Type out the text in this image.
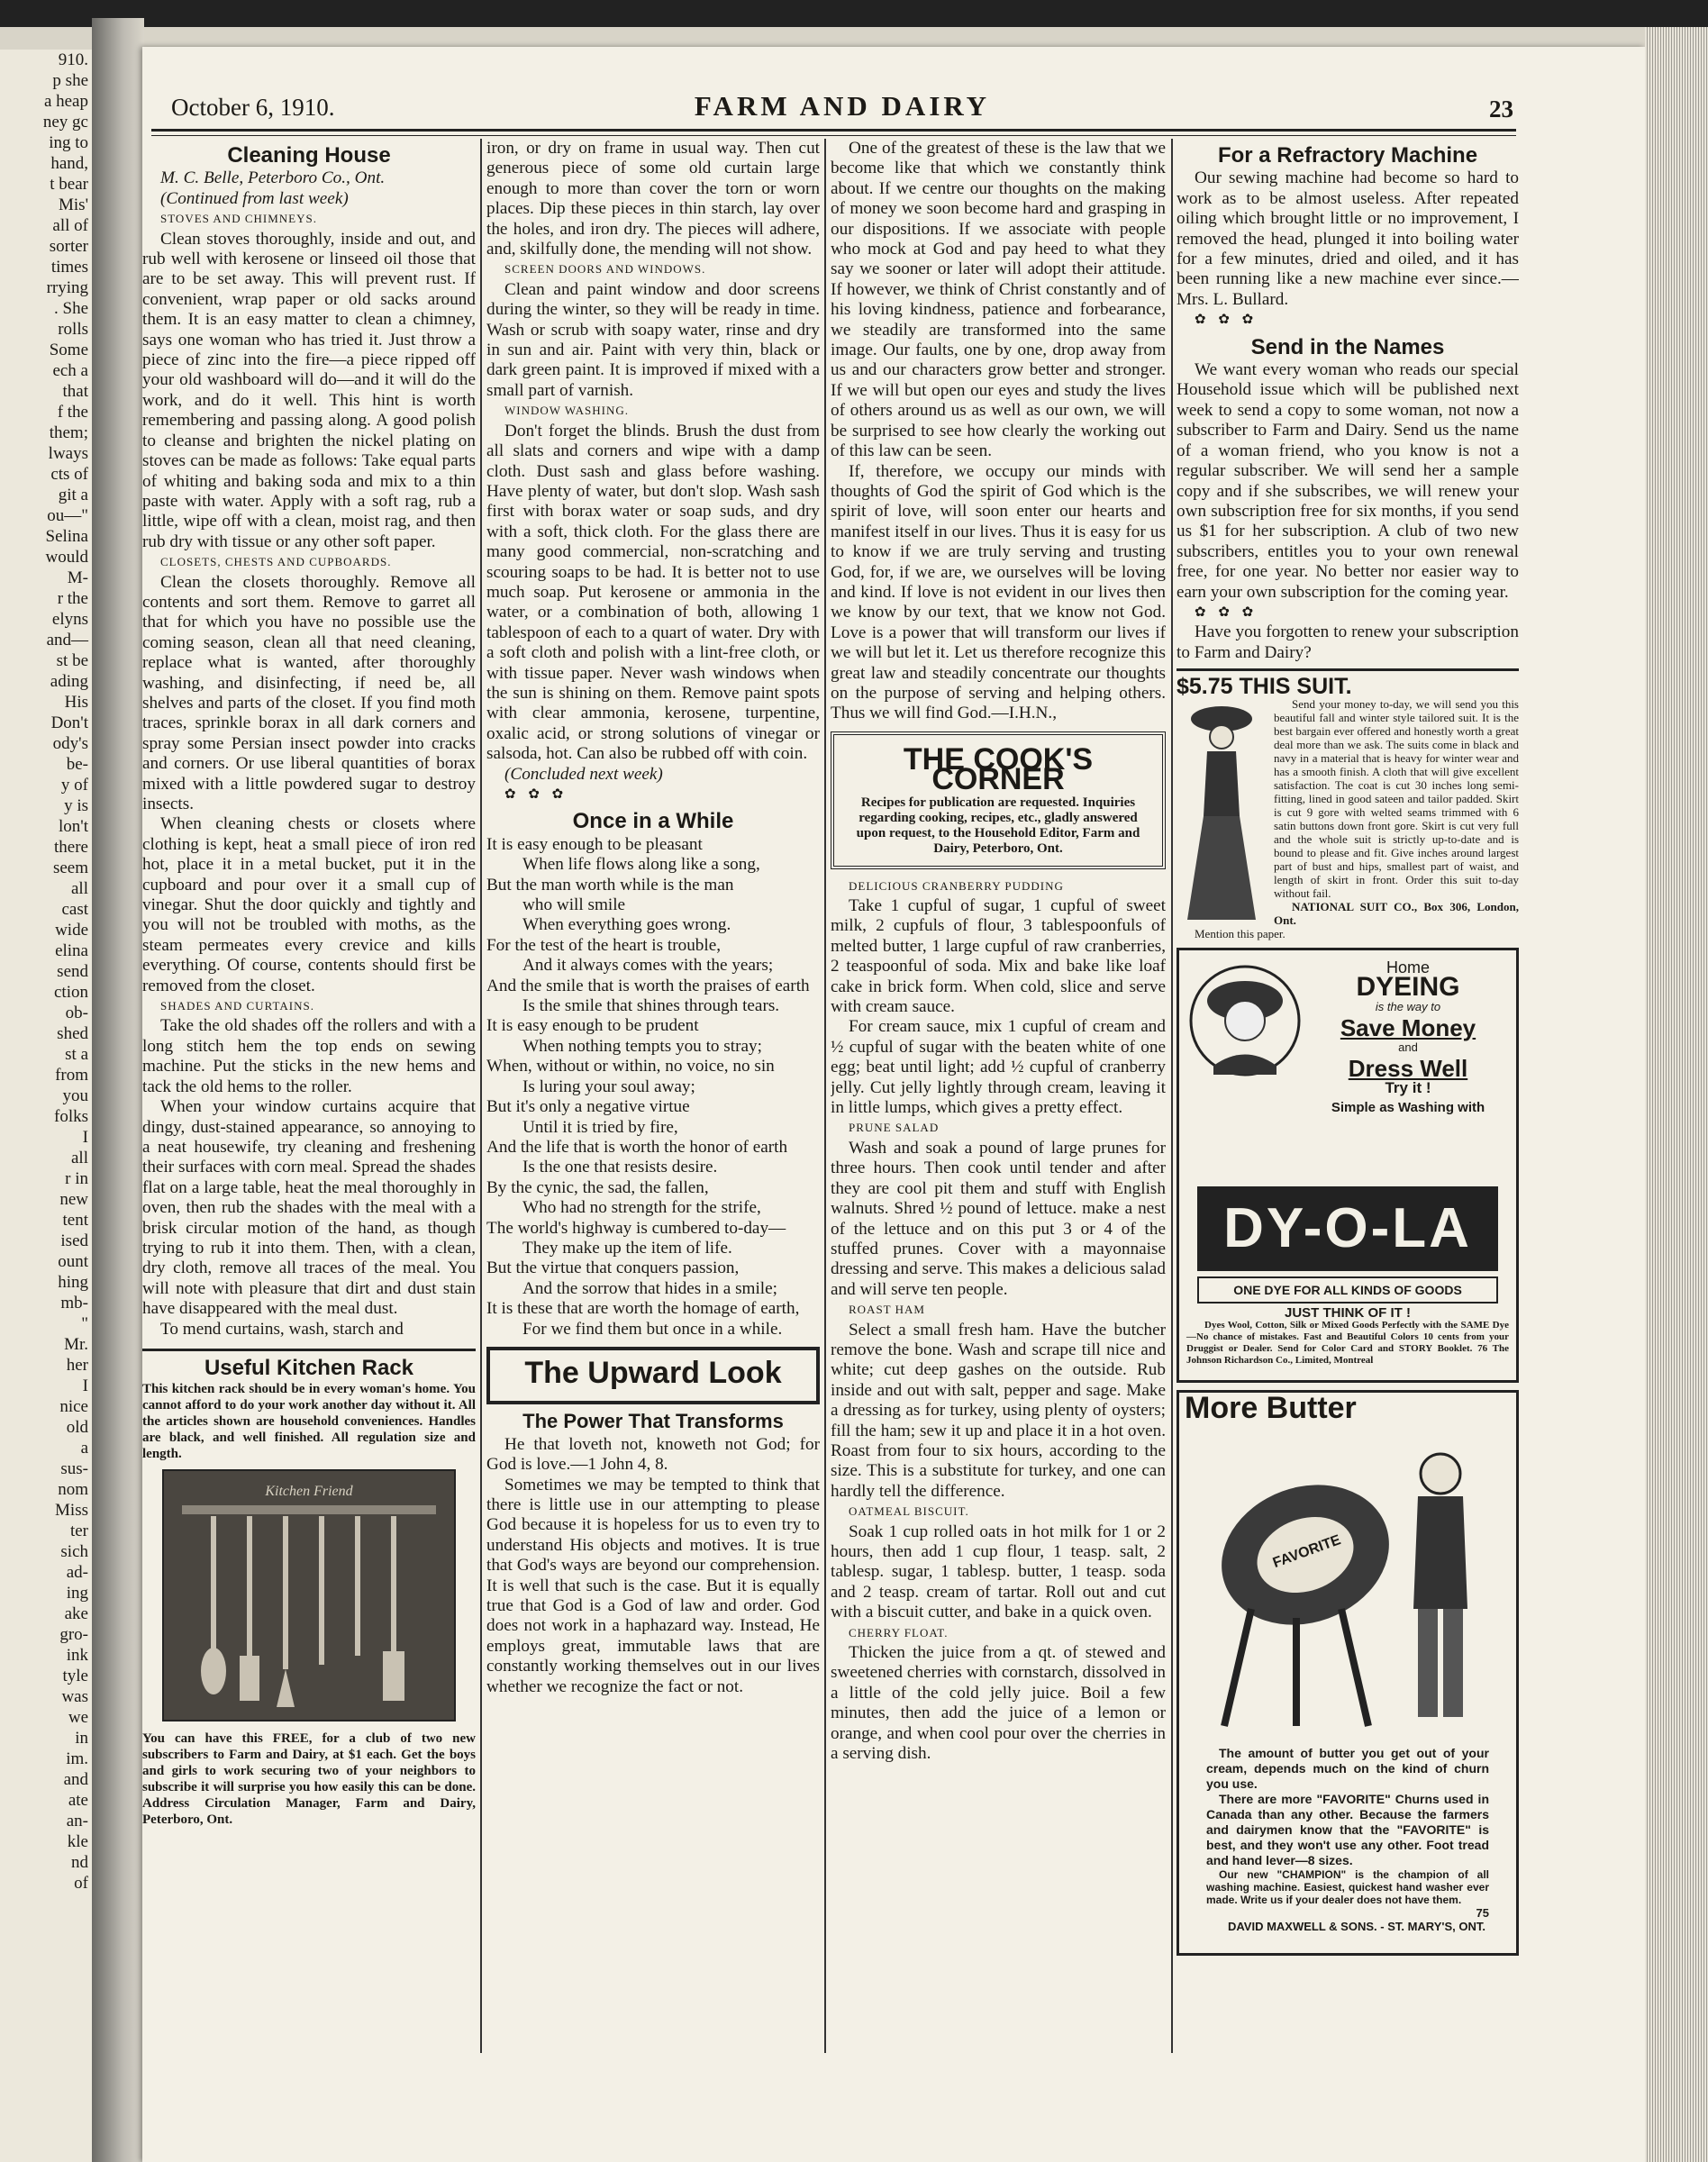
910.

p she

a heap

ney gc

ing to

hand,

t bear

Mis'

all of

sorter

times

rrying

. She

rolls

Some

ech a

that

f the

them;

lways

cts of

git a

ou—"

Selina

would

M-

r the

elyns

and—

st be

ading

His

Don't

ody's

be-

y of

y is

lon't

there

seem

all

cast

wide

elina

send

ction

ob-

shed

st a

from

you

folks

I

all

r in

new

tent

ised

ount

hing

mb-

"

Mr.

her

I

nice

old

a

sus-

nom

Miss

ter

sich

ad-

ing

ake

gro-

ink

tyle

was

we

in

im.

and

ate

an-

kle

nd

of

October 6, 1910.	FARM AND DAIRY	23
Cleaning House

M. C. Belle, Peterboro Co., Ont.

(Continued from last week)

STOVES AND CHIMNEYS.

Clean stoves thoroughly, inside and out, and rub well with kerosene or linseed oil those that are to be set away. This will prevent rust. If convenient, wrap paper or old sacks around them. It is an easy matter to clean a chimney, says one woman who has tried it. Just throw a piece of zinc into the fire—a piece ripped off your old washboard will do—and it will do the work, and do it well. This hint is worth remembering and passing along. A good polish to cleanse and brighten the nickel plating on stoves can be made as follows: Take equal parts of whiting and baking soda and mix to a thin paste with water. Apply with a soft rag, rub a little, wipe off with a clean, moist rag, and then rub dry with tissue or any other soft paper.

CLOSETS, CHESTS AND CUPBOARDS.

Clean the closets thoroughly. Remove all contents and sort them. Remove to garret all that for which you have no possible use the coming season, clean all that need cleaning, replace what is wanted, after thoroughly washing, and disinfecting, if need be, all shelves and parts of the closet. If you find moth traces, sprinkle borax in all dark corners and spray some Persian insect powder into cracks and corners. Or use liberal quantities of borax mixed with a little powdered sugar to destroy insects.

When cleaning chests or closets where clothing is kept, heat a small piece of iron red hot, place it in a metal bucket, put it in the cupboard and pour over it a small cup of vinegar. Shut the door quickly and tightly and you will not be troubled with moths, as the steam permeates every crevice and kills everything. Of course, contents should first be removed from the closet.

SHADES AND CURTAINS.

Take the old shades off the rollers and with a long stitch hem the top ends on sewing machine. Put the sticks in the new hems and tack the old hems to the roller.

When your window curtains acquire that dingy, dust-stained appearance, so annoying to a neat housewife, try cleaning and freshening their surfaces with corn meal. Spread the shades flat on a large table, heat the meal thoroughly in oven, then rub the shades with the meal with a brisk circular motion of the hand, as though trying to rub it into them. Then, with a clean, dry cloth, remove all traces of the meal. You will note with pleasure that dirt and dust stain have disappeared with the meal dust.

To mend curtains, wash, starch and

Useful Kitchen Rack

This kitchen rack should be in every woman's home. You cannot afford to do your work another day without it. All the articles shown are household conveniences. Handles are black, and well finished. All regulation size and length.

Kitchen Friend

You can have this FREE, for a club of two new subscribers to Farm and Dairy, at $1 each. Get the boys and girls to work securing two of your neighbors to subscribe it will surprise you how easily this can be done. Address Circulation Manager, Farm and Dairy, Peterboro, Ont.

iron, or dry on frame in usual way. Then cut generous piece of some old curtain large enough to more than cover the torn or worn places. Dip these pieces in thin starch, lay over the holes, and iron dry. The pieces will adhere, and, skilfully done, the mending will not show.

SCREEN DOORS AND WINDOWS.

Clean and paint window and door screens during the winter, so they will be ready in time. Wash or scrub with soapy water, rinse and dry in sun and air. Paint with very thin, black or dark green paint. It is improved if mixed with a small part of varnish.

WINDOW WASHING.

Don't forget the blinds. Brush the dust from all slats and corners and wipe with a damp cloth. Dust sash and glass before washing. Have plenty of water, but don't slop. Wash sash first with borax water or soap suds, and dry with a soft, thick cloth. For the glass there are many good commercial, non-scratching and scouring soaps to be had. It is better not to use much soap. Put kerosene or ammonia in the water, or a combination of both, allowing 1 tablespoon of each to a quart of water. Dry with a soft cloth and polish with a lint-free cloth, or with tissue paper. Never wash windows when the sun is shining on them. Remove paint spots with clear ammonia, kerosene, turpentine, oxalic acid, or strong solutions of vinegar or salsoda, hot. Can also be rubbed off with coin.

(Concluded next week)

✿ ✿ ✿

Once in a While

It is easy enough to be pleasant

When life flows along like a song,

But the man worth while is the man

who will smile

When everything goes wrong.

For the test of the heart is trouble,

And it always comes with the years;

And the smile that is worth the praises of earth

Is the smile that shines through tears.

It is easy enough to be prudent

When nothing tempts you to stray;

When, without or within, no voice, no sin

Is luring your soul away;

But it's only a negative virtue

Until it is tried by fire,

And the life that is worth the honor of earth

Is the one that resists desire.

By the cynic, the sad, the fallen,

Who had no strength for the strife,

The world's highway is cumbered to-day—

They make up the item of life.

But the virtue that conquers passion,

And the sorrow that hides in a smile;

It is these that are worth the homage of earth,

For we find them but once in a while.

The Upward Look
The Power That Transforms

He that loveth not, knoweth not God; for God is love.—1 John 4, 8.

Sometimes we may be tempted to think that there is little use in our attempting to please God because it is hopeless for us to even try to understand His objects and motives. It is true that God's ways are beyond our comprehension. It is well that such is the case. But it is equally true that God is a God of law and order. God does not work in a haphazard way. Instead, He employs great, immutable laws that are constantly working themselves out in our lives whether we recognize the fact or not.

One of the greatest of these is the law that we become like that which we constantly think about. If we centre our thoughts on the making of money we soon become hard and grasping in our dispositions. If we associate with people who mock at God and pay heed to what they say we sooner or later will adopt their attitude. If however, we think of Christ constantly and of his loving kindness, patience and forbearance, we steadily are transformed into the same image. Our faults, one by one, drop away from us and our characters grow better and stronger. If we will but open our eyes and study the lives of others around us as well as our own, we will be surprised to see how clearly the working out of this law can be seen.

If, therefore, we occupy our minds with thoughts of God the spirit of God which is the spirit of love, will soon enter our hearts and manifest itself in our lives. Thus it is easy for us to know if we are truly serving and trusting God, for, if we are, we ourselves will be loving and kind. If love is not evident in our lives then we know by our text, that we know not God. Love is a power that will transform our lives if we will but let it. Let us therefore recognize this great law and steadily concentrate our thoughts on the purpose of serving and helping others. Thus we will find God.—I.H.N.,

THE COOK'S CORNER

Recipes for publication are requested. Inquiries regarding cooking, recipes, etc., gladly answered upon request, to the Household Editor, Farm and Dairy, Peterboro, Ont.

DELICIOUS CRANBERRY PUDDING

Take 1 cupful of sugar, 1 cupful of sweet milk, 2 cupfuls of flour, 3 tablespoonfuls of melted butter, 1 large cupful of raw cranberries, 2 teaspoonful of soda. Mix and bake like loaf cake in brick form. When cold, slice and serve with cream sauce.

For cream sauce, mix 1 cupful of cream and ½ cupful of sugar with the beaten white of one egg; beat until light; add ½ cupful of cranberry jelly. Cut jelly lightly through cream, leaving it in little lumps, which gives a pretty effect.

PRUNE SALAD

Wash and soak a pound of large prunes for three hours. Then cook until tender and after they are cool pit them and stuff with English walnuts. Shred ½ pound of lettuce. make a nest of the lettuce and on this put 3 or 4 of the stuffed prunes. Cover with a mayonnaise dressing and serve. This makes a delicious salad and will serve ten people.

ROAST HAM

Select a small fresh ham. Have the butcher remove the bone. Wash and scrape till nice and white; cut deep gashes on the outside. Rub inside and out with salt, pepper and sage. Make a dressing as for turkey, using plenty of oysters; fill the ham; sew it up and place it in a hot oven. Roast from four to six hours, according to the size. This is a substitute for turkey, and one can hardly tell the difference.

OATMEAL BISCUIT.

Soak 1 cup rolled oats in hot milk for 1 or 2 hours, then add 1 cup flour, 1 teasp. salt, 2 tablesp. sugar, 1 tablesp. butter, 1 teasp. soda and 2 teasp. cream of tartar. Roll out and cut with a biscuit cutter, and bake in a quick oven.

CHERRY FLOAT.

Thicken the juice from a qt. of stewed and sweetened cherries with cornstarch, dissolved in a little of the cold jelly juice. Boil a few minutes, then add the juice of a lemon or orange, and when cool pour over the cherries in a serving dish.

For a Refractory Machine

Our sewing machine had become so hard to work as to be almost useless. After repeated oiling which brought little or no improvement, I removed the head, plunged it into boiling water for a few minutes, dried and oiled, and it has been running like a new machine ever since.—Mrs. L. Bullard.

✿ ✿ ✿

Send in the Names

We want every woman who reads our special Household issue which will be published next week to send a copy to some woman, not now a subscriber to Farm and Dairy. Send us the name of a woman friend, who you know is not a regular subscriber. We will send her a sample copy and if she subscribes, we will renew your own subscription free for six months, if you send us $1 for her subscription. A club of two new subscribers, entitles you to your own renewal free, for one year. No better nor easier way to earn your own subscription for the coming year.

✿ ✿ ✿

Have you forgotten to renew your subscription to Farm and Dairy?

$5.75 THIS SUIT.

Send your money to-day, we will send you this beautiful fall and winter style tailored suit. It is the best bargain ever offered and honestly worth a great deal more than we ask. The suits come in black and navy in a material that is heavy for winter wear and has a smooth finish. A cloth that will give excellent satisfaction. The coat is cut 30 inches long semi-fitting, lined in good sateen and tailor padded. Skirt is cut 9 gore with welted seams trimmed with 6 satin buttons down front gore. Skirt is cut very full and the whole suit is strictly up-to-date and is bound to please and fit. Give inches around largest part of bust and hips, smallest part of waist, and length of skirt in front. Order this suit to-day without fail.

NATIONAL SUIT CO., Box 306, London, Ont.

Mention this paper.

Home
DYEING
is the way to
Save Money
and
Dress Well
Try it !
Simple as Washing with
DY-O-LA
ONE DYE FOR ALL KINDS OF GOODS
JUST THINK OF IT !

Dyes Wool, Cotton, Silk or Mixed Goods Perfectly with the SAME Dye—No chance of mistakes. Fast and Beautiful Colors 10 cents from your Druggist or Dealer. Send for Color Card and STORY Booklet. 76 The Johnson Richardson Co., Limited, Montreal

More Butter
FAVORITE

The amount of butter you get out of your cream, depends much on the kind of churn you use.

There are more "FAVORITE" Churns used in Canada than any other. Because the farmers and dairymen know that the "FAVORITE" is best, and they won't use any other. Foot tread and hand lever—8 sizes.

Our new "CHAMPION" is the champion of all washing machine. Easiest, quickest hand washer ever made. Write us if your dealer does not have them.

75

DAVID MAXWELL & SONS. - ST. MARY'S, ONT.
